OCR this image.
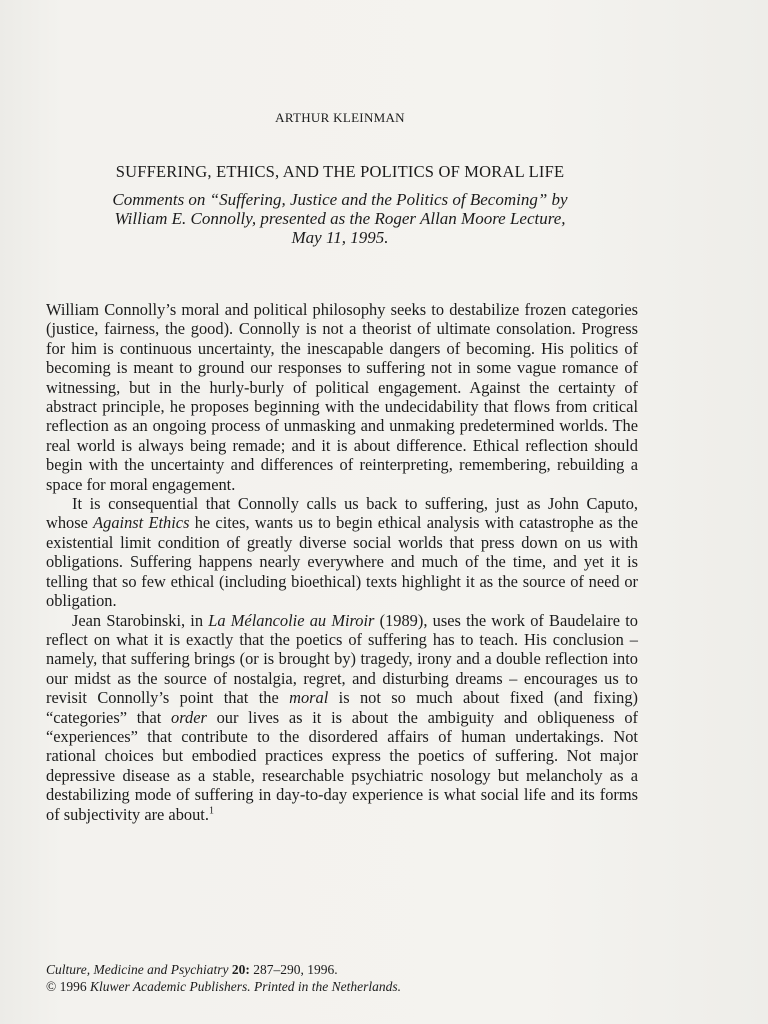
ARTHUR KLEINMAN
SUFFERING, ETHICS, AND THE POLITICS OF MORAL LIFE
Comments on “Suffering, Justice and the Politics of Becoming” by
William E. Connolly, presented as the Roger Allan Moore Lecture,
May 11, 1995.

William Connolly’s moral and political philosophy seeks to destabilize frozen categories (justice, fairness, the good). Connolly is not a theorist of ultimate consolation. Progress for him is continuous uncertainty, the inescapable dangers of becoming. His politics of becoming is meant to ground our responses to suffering not in some vague romance of witnessing, but in the hurly-burly of political engagement. Against the certainty of abstract principle, he proposes beginning with the undecidability that flows from critical reflection as an ongoing process of unmasking and unmaking predetermined worlds. The real world is always being remade; and it is about difference. Ethical reflection should begin with the uncertainty and differences of reinterpreting, remembering, rebuilding a space for moral engagement.

It is consequential that Connolly calls us back to suffering, just as John Caputo, whose Against Ethics he cites, wants us to begin ethical analysis with catastrophe as the existential limit condition of greatly diverse social worlds that press down on us with obligations. Suffering happens nearly everywhere and much of the time, and yet it is telling that so few ethical (including bioethical) texts highlight it as the source of need or obligation.

Jean Starobinski, in La Mélancolie au Miroir (1989), uses the work of Baudelaire to reflect on what it is exactly that the poetics of suffering has to teach. His conclusion – namely, that suffering brings (or is brought by) tragedy, irony and a double reflection into our midst as the source of nostalgia, regret, and disturbing dreams – encourages us to revisit Connolly’s point that the moral is not so much about fixed (and fixing) “categories” that order our lives as it is about the ambiguity and obliqueness of “experiences” that contribute to the disordered affairs of human undertakings. Not rational choices but embodied practices express the poetics of suffering. Not major depressive disease as a stable, researchable psychiatric nosology but melancholy as a destabilizing mode of suffering in day-to-day experience is what social life and its forms of subjectivity are about.$^1$

Culture, Medicine and Psychiatry 20: 287–290, 1996.
© 1996 Kluwer Academic Publishers. Printed in the Netherlands.
